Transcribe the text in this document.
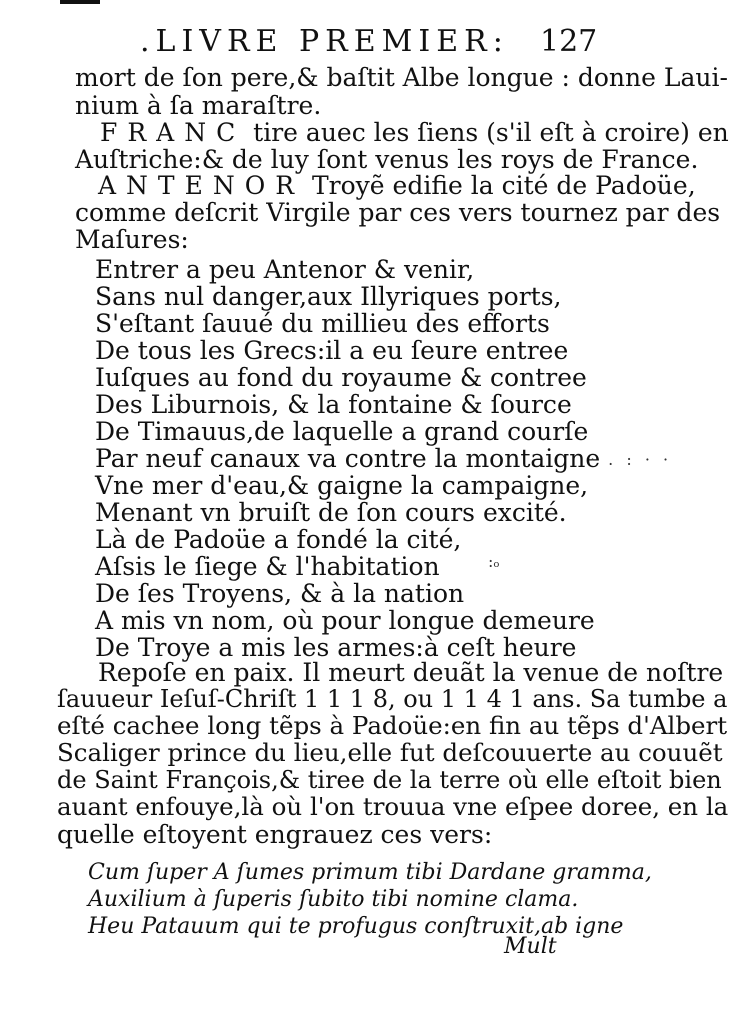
.LIVRE PREMIER: 127
mort de ſon pere,& baſtit Albe longue : donne Laui-
nium à ſa maraſtre.
FRANC tire auec les ſiens (s'il eſt à croire) en
Auſtriche:& de luy ſont venus les roys de France.
ANTENOR Troyẽ edifie la cité de Padoüe,
comme deſcrit Virgile par ces vers tournez par des
Maſures:
Entrer a peu Antenor & venir,
Sans nul danger,aux Illyriques ports,
S'eſtant ſauué du millieu des efforts
De tous les Grecs:il a eu ſeure entree
Iuſques au fond du royaume & contree
Des Liburnois, & la fontaine & ſource
De Timauus,de laquelle a grand courſe
Par neuf canaux va contre la montaigne
Vne mer d'eau,& gaigne la campaigne,
Menant vn bruiſt de ſon cours excité.
Là de Padoüe a fondé la cité,
Aſsis le ſiege & l'habitation
De ſes Troyens, & à la nation
A mis vn nom, où pour longue demeure
De Troye a mis les armes:à ceſt heure
Repoſe en paix. Il meurt deuãt la venue de noſtre
ſauueur Ieſuſ-Chriſt 1 1 1 8, ou 1 1 4 1 ans. Sa tumbe a
eſté cachee long tẽps à Padoüe:en fin au tẽps d'Albert
Scaliger prince du lieu,elle fut deſcouuerte au couuẽt
de Saint François,& tiree de la terre où elle eſtoit bien
auant enfouye,là où l'on trouua vne eſpee doree, en la
quelle eſtoyent engrauez ces vers:
Cum ſuper A ſumes primum tibi Dardane gramma,
Auxilium à ſuperis ſubito tibi nomine clama.
Heu Patauum qui te profugus conſtruxit,ab igne
Mult
· . : · ·
:ₒ
